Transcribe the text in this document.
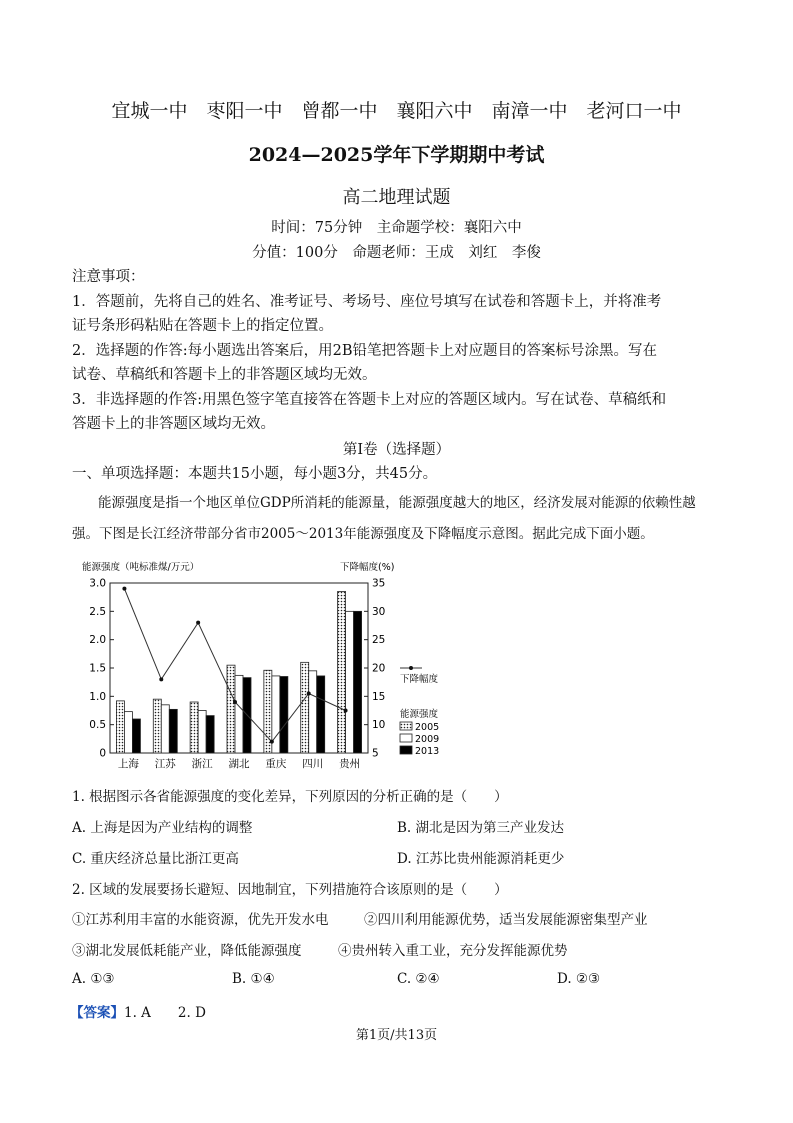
宜城一中　枣阳一中　曾都一中　襄阳六中　南漳一中　老河口一中
2024—2025学年下学期期中考试
高二地理试题
时间：75分钟　主命题学校：襄阳六中
分值：100分　命题老师：王成　刘红　李俊
注意事项：
1．答题前，先将自己的姓名、准考证号、考场号、座位号填写在试卷和答题卡上，并将准考
证号条形码粘贴在答题卡上的指定位置。
2．选择题的作答:每小题选出答案后，用2B铅笔把答题卡上对应题目的答案标号涂黑。写在
试卷、草稿纸和答题卡上的非答题区域均无效。
3．非选择题的作答:用黑色签字笔直接答在答题卡上对应的答题区域内。写在试卷、草稿纸和
答题卡上的非答题区域均无效。
第Ⅰ卷（选择题）
一、单项选择题：本题共15小题，每小题3分，共45分。
能源强度是指一个地区单位GDP所消耗的能源量，能源强度越大的地区，经济发展对能源的依赖性越
强。下图是长江经济带部分省市2005～2013年能源强度及下降幅度示意图。据此完成下面小题。
能源强度（吨标准煤/万元）	下降幅度(%)
0
0.5
1.0
1.5
2.0
2.5
3.0
5
10
15
20
25
30
35
上海 江苏 浙江 湖北 重庆 四川 贵州
下降幅度
能源强度
2005
2009
2013
1. 根据图示各省能源强度的变化差异，下列原因的分析正确的是（　　）
A. 上海是因为产业结构的调整	B. 湖北是因为第三产业发达
C. 重庆经济总量比浙江更高	D. 江苏比贵州能源消耗更少
2. 区域的发展要扬长避短、因地制宜，下列措施符合该原则的是（　　）
①江苏利用丰富的水能资源，优先开发水电	②四川利用能源优势，适当发展能源密集型产业
③湖北发展低耗能产业，降低能源强度	④贵州转入重工业，充分发挥能源优势
A. ①③	B. ①④	C. ②④	D. ②③
【答案】1. A　　2. D
第1页/共13页
